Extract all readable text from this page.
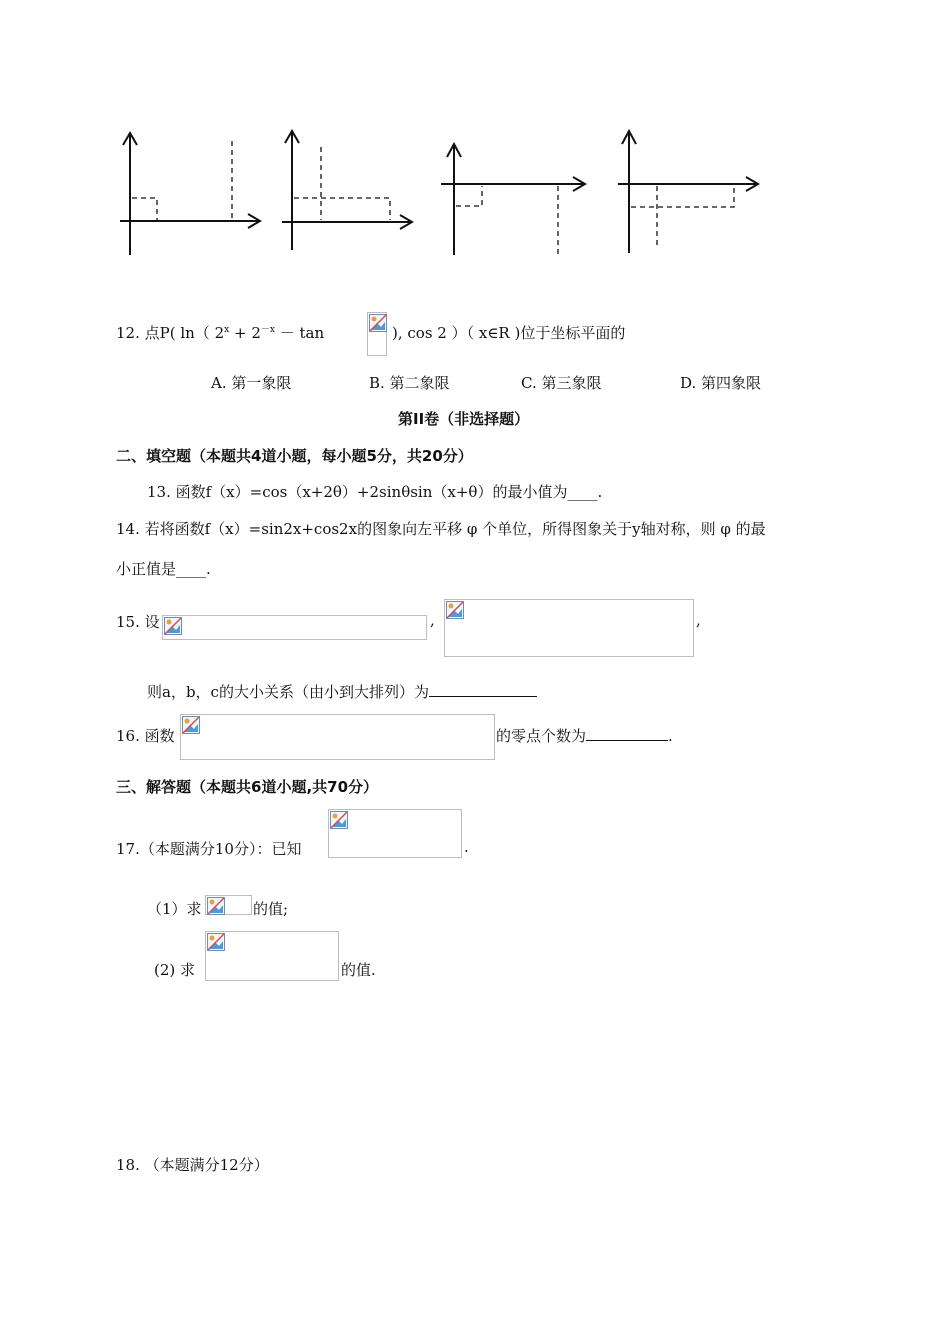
12. 点P( ln（ $2^x + 2^{-x} - \tan$	), cos 2 ）（ x∈R )位于坐标平面的
A. 第一象限	B. 第二象限	C. 第三象限	D. 第四象限
第II卷（非选择题）
二、填空题（本题共4道小题，每小题5分，共20分）
13. 函数f（x）=cos（x+2θ）+2sinθsin（x+θ）的最小值为____.
14. 若将函数f（x）=sin2x+cos2x的图象向左平移 φ 个单位，所得图象关于y轴对称，则 φ 的最
小正值是____.
15. 设	,	,
则a，b，c的大小关系（由小到大排列）为
16. 函数	的零点个数为	.
三、解答题（本题共6道小题,共70分）
17.（本题满分10分）：已知	.
（1）求	的值;
(2) 求	的值.
18. （本题满分12分）
